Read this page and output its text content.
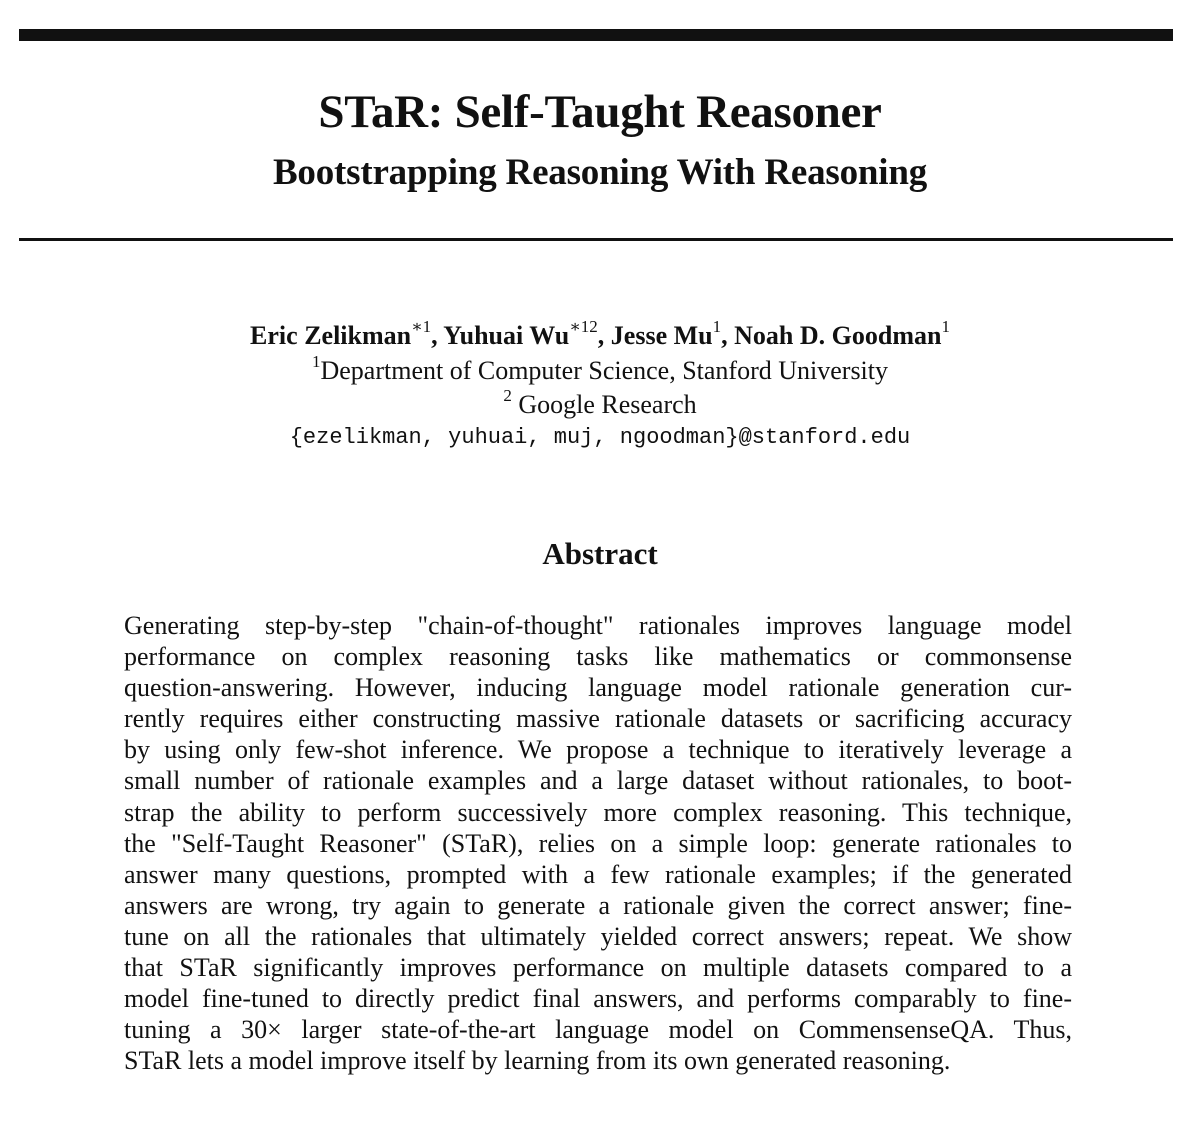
STaR: Self-Taught Reasoner
Bootstrapping Reasoning With Reasoning
Eric Zelikman$^{∗1}$, Yuhuai $Wu^{∗12}$, Jesse Mu$^1$, Noah D. Goodman$^1$
$^1$Department of Computer Science, Stanford University
$^2$ Google Research
{ezelikman, yuhuai, muj, ngoodman}@stanford.edu
Abstract
Generating step-by-step "chain-of-thought" rationales improves language model
performance on complex reasoning tasks like mathematics or commonsense
question-answering. However, inducing language model rationale generation cur-
rently requires either constructing massive rationale datasets or sacrificing accuracy
by using only few-shot inference. We propose a technique to iteratively leverage a
small number of rationale examples and a large dataset without rationales, to boot-
strap the ability to perform successively more complex reasoning. This technique,
the "Self-Taught Reasoner" (STaR), relies on a simple loop: generate rationales to
answer many questions, prompted with a few rationale examples; if the generated
answers are wrong, try again to generate a rationale given the correct answer; fine-
tune on all the rationales that ultimately yielded correct answers; repeat. We show
that STaR significantly improves performance on multiple datasets compared to a
model fine-tuned to directly predict final answers, and performs comparably to fine-
tuning a 30× larger state-of-the-art language model on CommensenseQA. Thus,
STaR lets a model improve itself by learning from its own generated reasoning.
